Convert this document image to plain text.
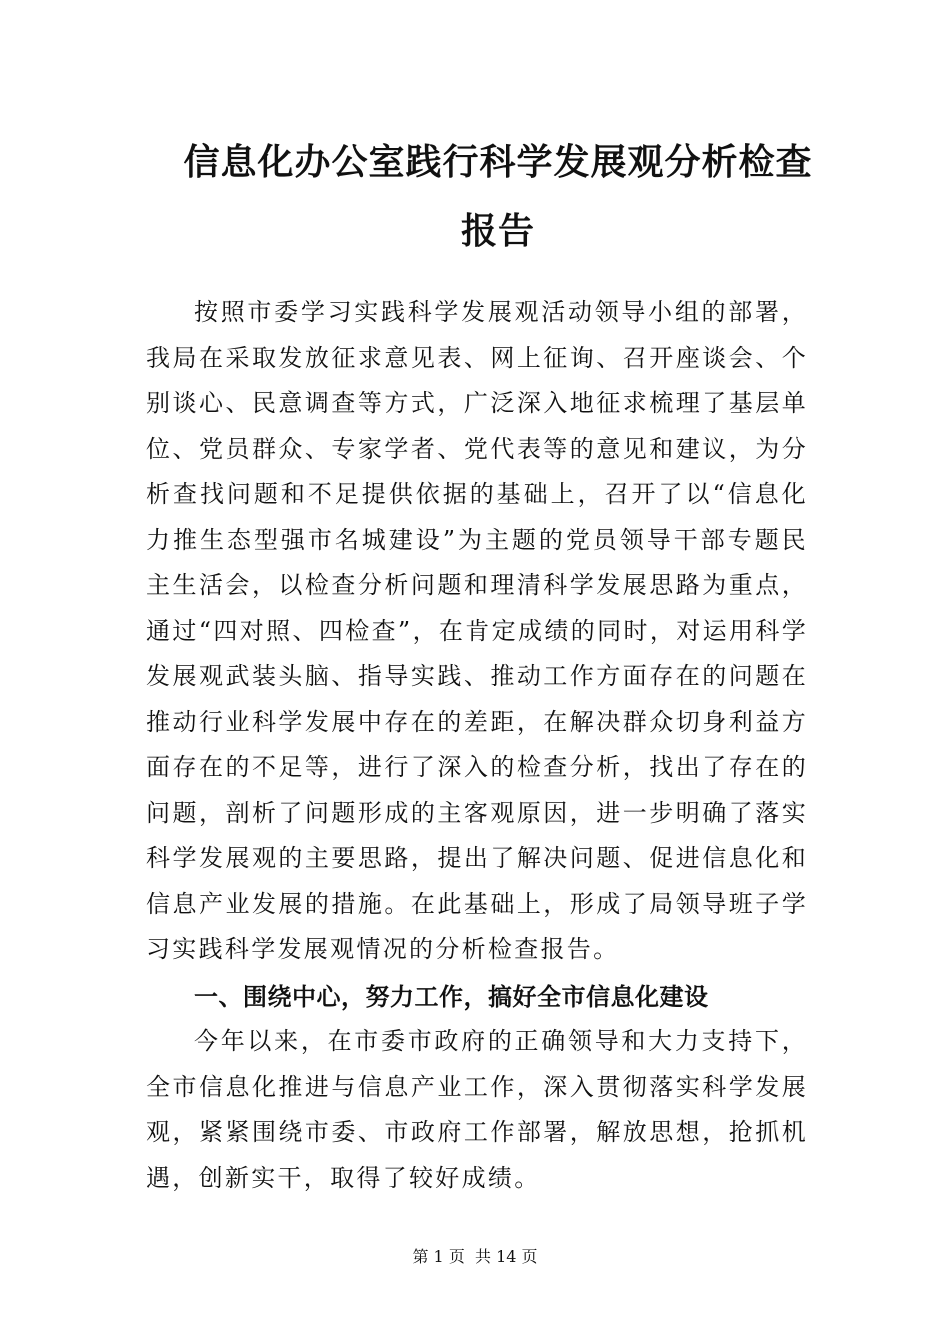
信息化办公室践行科学发展观分析检查
报告

按照市委学习实践科学发展观活动领导小组的部署，我局在采取发放征求意见表、网上征询、召开座谈会、个别谈心、民意调查等方式，广泛深入地征求梳理了基层单位、党员群众、专家学者、党代表等的意见和建议，为分析查找问题和不足提供依据的基础上，召开了以“信息化力推生态型强市名城建设”为主题的党员领导干部专题民主生活会，以检查分析问题和理清科学发展思路为重点，通过“四对照、四检查”，在肯定成绩的同时，对运用科学发展观武装头脑、指导实践、推动工作方面存在的问题在推动行业科学发展中存在的差距，在解决群众切身利益方面存在的不足等，进行了深入的检查分析，找出了存在的问题，剖析了问题形成的主客观原因，进一步明确了落实科学发展观的主要思路，提出了解决问题、促进信息化和信息产业发展的措施。在此基础上，形成了局领导班子学习实践科学发展观情况的分析检查报告。

一、围绕中心，努力工作，搞好全市信息化建设

今年以来，在市委市政府的正确领导和大力支持下，全市信息化推进与信息产业工作，深入贯彻落实科学发展观，紧紧围绕市委、市政府工作部署，解放思想，抢抓机遇，创新实干，取得了较好成绩。

第 1 页  共 14 页
